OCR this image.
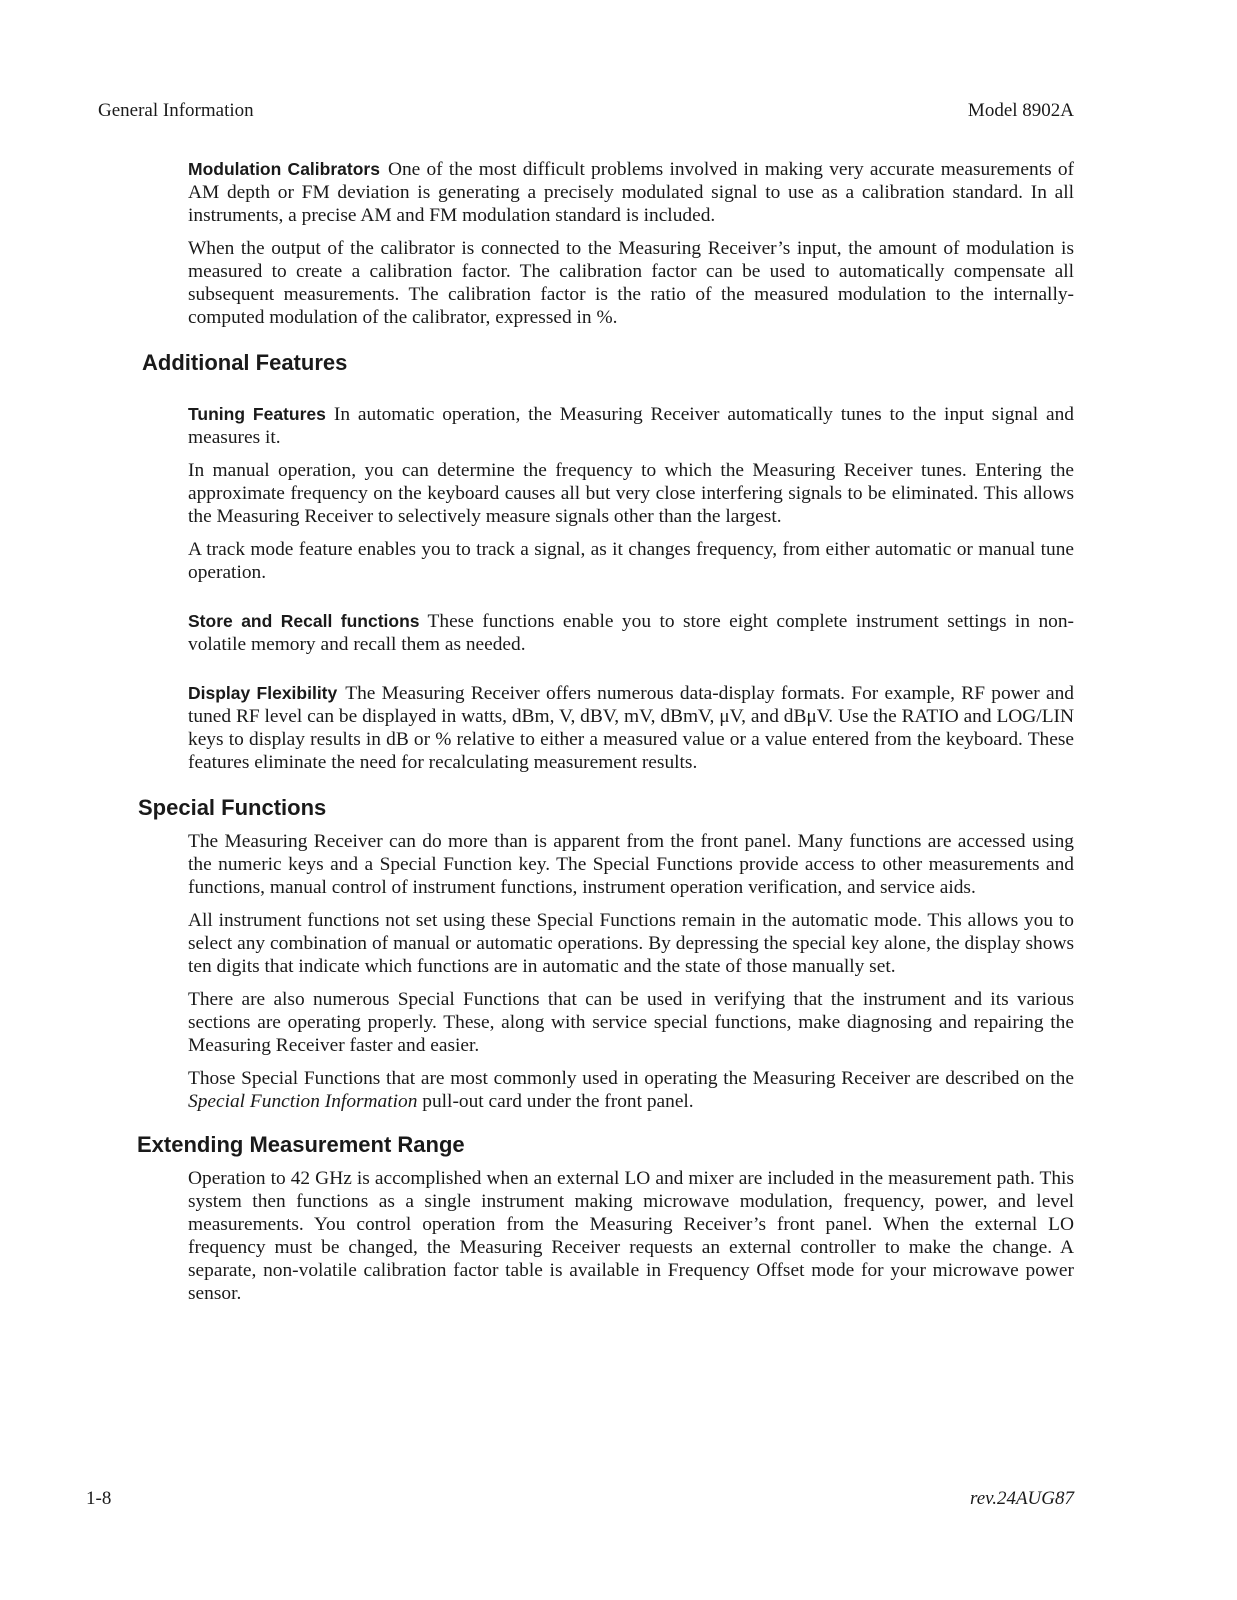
General Information	Model 8902A

Modulation Calibrators One of the most difficult problems involved in making very accurate measurements of AM depth or FM deviation is generating a precisely modulated signal to use as a calibration standard. In all instruments, a precise AM and FM modulation standard is included.

When the output of the calibrator is connected to the Measuring Receiver’s input, the amount of modulation is measured to create a calibration factor. The calibration factor can be used to automatically compensate all subsequent measurements. The calibration factor is the ratio of the measured modulation to the internally-computed modulation of the calibrator, expressed in %.

Additional Features

Tuning Features In automatic operation, the Measuring Receiver automatically tunes to the input signal and measures it.

In manual operation, you can determine the frequency to which the Measuring Receiver tunes. Entering the approximate frequency on the keyboard causes all but very close interfering signals to be eliminated. This allows the Measuring Receiver to selectively measure signals other than the largest.

A track mode feature enables you to track a signal, as it changes frequency, from either automatic or manual tune operation.

Store and Recall functions These functions enable you to store eight complete instrument settings in non-volatile memory and recall them as needed.

Display Flexibility The Measuring Receiver offers numerous data-display formats. For example, RF power and tuned RF level can be displayed in watts, dBm, V, dBV, mV, dBmV, μV, and dBμV. Use the RATIO and LOG/LIN keys to display results in dB or % relative to either a measured value or a value entered from the keyboard. These features eliminate the need for recalculating measurement results.

Special Functions

The Measuring Receiver can do more than is apparent from the front panel. Many functions are accessed using the numeric keys and a Special Function key. The Special Functions provide access to other measurements and functions, manual control of instrument functions, instrument operation verification, and service aids.

All instrument functions not set using these Special Functions remain in the automatic mode. This allows you to select any combination of manual or automatic operations. By depressing the special key alone, the display shows ten digits that indicate which functions are in automatic and the state of those manually set.

There are also numerous Special Functions that can be used in verifying that the instrument and its various sections are operating properly. These, along with service special functions, make diagnosing and repairing the Measuring Receiver faster and easier.

Those Special Functions that are most commonly used in operating the Measuring Receiver are described on the Special Function Information pull-out card under the front panel.

Extending Measurement Range

Operation to 42 GHz is accomplished when an external LO and mixer are included in the measurement path. This system then functions as a single instrument making microwave modulation, frequency, power, and level measurements. You control operation from the Measuring Receiver’s front panel. When the external LO frequency must be changed, the Measuring Receiver requests an external controller to make the change. A separate, non-volatile calibration factor table is available in Frequency Offset mode for your microwave power sensor.

1-8	rev.24AUG87
